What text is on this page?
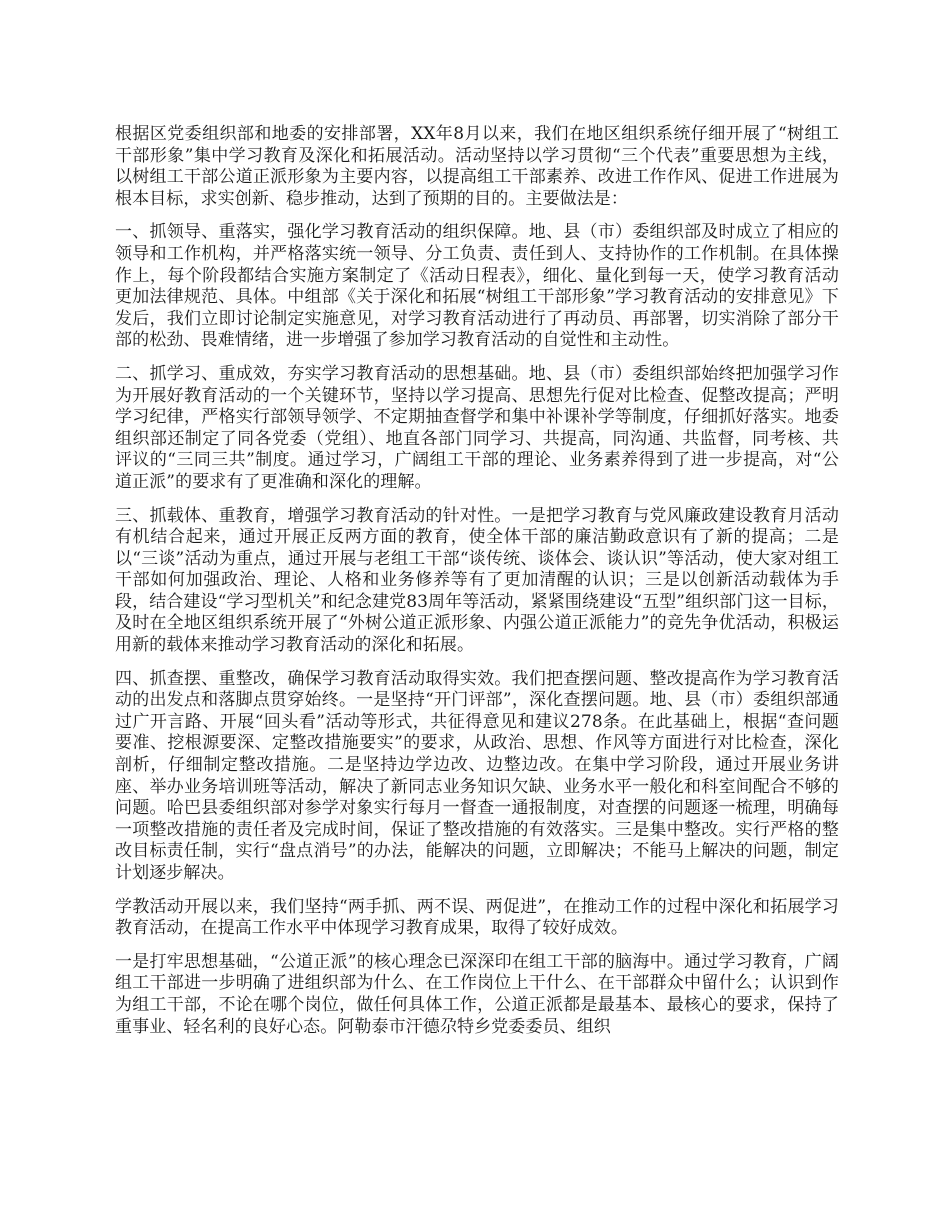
根据区党委组织部和地委的安排部署，XX年8月以来，我们在地区组织系统仔细开展了“树组工干部形象”集中学习教育及深化和拓展活动。活动坚持以学习贯彻“三个代表”重要思想为主线，以树组工干部公道正派形象为主要内容，以提高组工干部素养、改进工作作风、促进工作进展为根本目标，求实创新、稳步推动，达到了预期的目的。主要做法是：

一、抓领导、重落实，强化学习教育活动的组织保障。地、县（市）委组织部及时成立了相应的领导和工作机构，并严格落实统一领导、分工负责、责任到人、支持协作的工作机制。在具体操作上，每个阶段都结合实施方案制定了《活动日程表》，细化、量化到每一天，使学习教育活动更加法律规范、具体。中组部《关于深化和拓展“树组工干部形象”学习教育活动的安排意见》下发后，我们立即讨论制定实施意见，对学习教育活动进行了再动员、再部署，切实消除了部分干部的松劲、畏难情绪，进一步增强了参加学习教育活动的自觉性和主动性。

二、抓学习、重成效，夯实学习教育活动的思想基础。地、县（市）委组织部始终把加强学习作为开展好教育活动的一个关键环节，坚持以学习提高、思想先行促对比检查、促整改提高；严明学习纪律，严格实行部领导领学、不定期抽查督学和集中补课补学等制度，仔细抓好落实。地委组织部还制定了同各党委（党组）、地直各部门同学习、共提高，同沟通、共监督，同考核、共评议的“三同三共”制度。通过学习，广阔组工干部的理论、业务素养得到了进一步提高，对“公道正派”的要求有了更准确和深化的理解。

三、抓载体、重教育，增强学习教育活动的针对性。一是把学习教育与党风廉政建设教育月活动有机结合起来，通过开展正反两方面的教育，使全体干部的廉洁勤政意识有了新的提高；二是以“三谈”活动为重点，通过开展与老组工干部“谈传统、谈体会、谈认识”等活动，使大家对组工干部如何加强政治、理论、人格和业务修养等有了更加清醒的认识；三是以创新活动载体为手段，结合建设“学习型机关”和纪念建党83周年等活动，紧紧围绕建设“五型”组织部门这一目标，及时在全地区组织系统开展了“外树公道正派形象、内强公道正派能力”的竞先争优活动，积极运用新的载体来推动学习教育活动的深化和拓展。

四、抓查摆、重整改，确保学习教育活动取得实效。我们把查摆问题、整改提高作为学习教育活动的出发点和落脚点贯穿始终。一是坚持“开门评部”，深化查摆问题。地、县（市）委组织部通过广开言路、开展“回头看”活动等形式，共征得意见和建议278条。在此基础上，根据“查问题要准、挖根源要深、定整改措施要实”的要求，从政治、思想、作风等方面进行对比检查，深化剖析，仔细制定整改措施。二是坚持边学边改、边整边改。在集中学习阶段，通过开展业务讲座、举办业务培训班等活动，解决了新同志业务知识欠缺、业务水平一般化和科室间配合不够的问题。哈巴县委组织部对参学对象实行每月一督查一通报制度，对查摆的问题逐一梳理，明确每一项整改措施的责任者及完成时间，保证了整改措施的有效落实。三是集中整改。实行严格的整改目标责任制，实行“盘点消号”的办法，能解决的问题，立即解决；不能马上解决的问题，制定计划逐步解决。

学教活动开展以来，我们坚持“两手抓、两不误、两促进”，在推动工作的过程中深化和拓展学习教育活动，在提高工作水平中体现学习教育成果，取得了较好成效。

一是打牢思想基础，“公道正派”的核心理念已深深印在组工干部的脑海中。通过学习教育，广阔组工干部进一步明确了进组织部为什么、在工作岗位上干什么、在干部群众中留什么；认识到作为组工干部，不论在哪个岗位，做任何具体工作，公道正派都是最基本、最核心的要求，保持了重事业、轻名利的良好心态。阿勒泰市汗德尕特乡党委委员、组织
